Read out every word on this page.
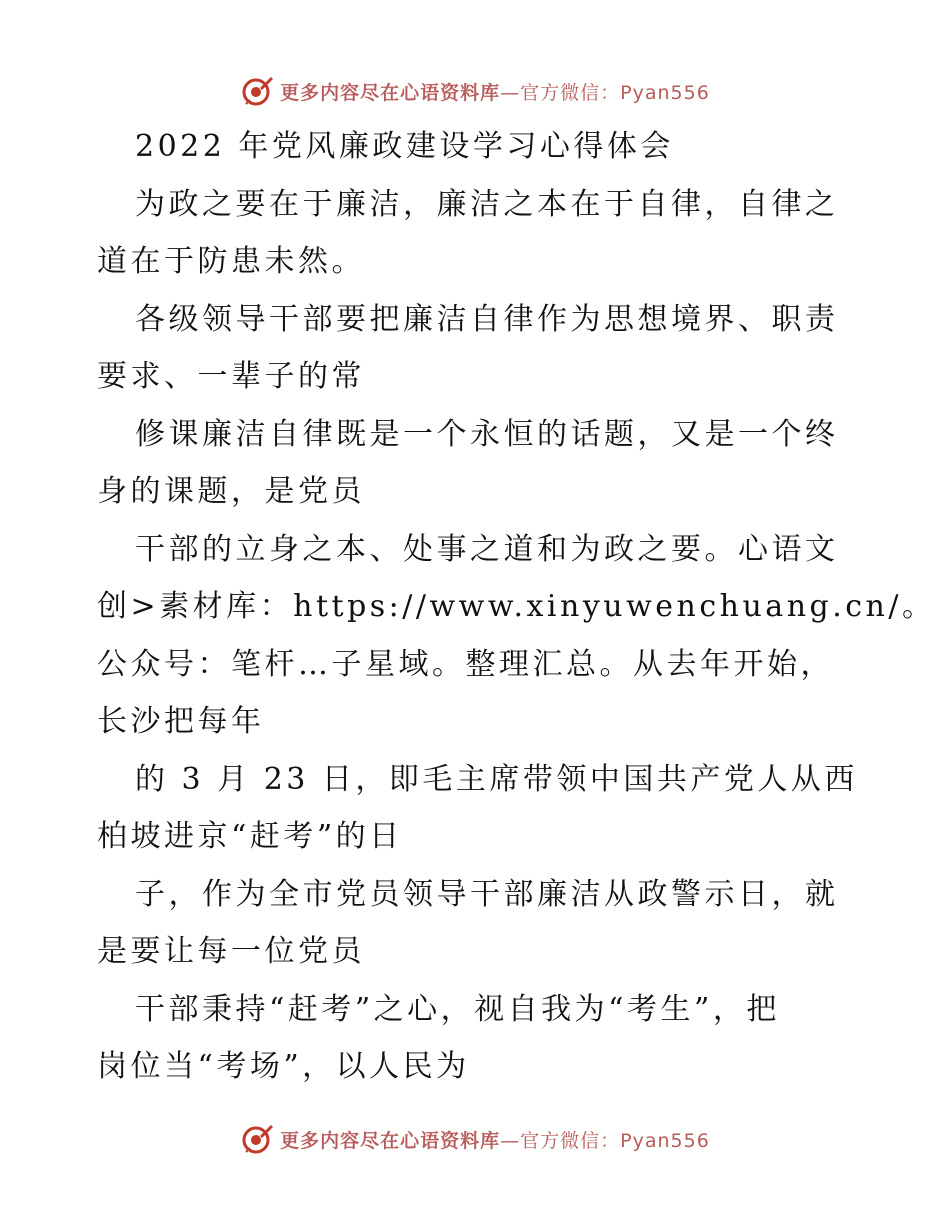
更多内容尽在心语资料库—官方微信：Pyan556
2022 年党风廉政建设学习心得体会
为政之要在于廉洁，廉洁之本在于自律，自律之
道在于防患未然。
各级领导干部要把廉洁自律作为思想境界、职责
要求、一辈子的常
修课廉洁自律既是一个永恒的话题，又是一个终
身的课题，是党员
干部的立身之本、处事之道和为政之要。心语文
创>素材库：https://www.xinyuwenchuang.cn/。
公众号：笔杆…子星域。整理汇总。从去年开始，
长沙把每年
的 3 月 23 日，即毛主席带领中国共产党人从西
柏坡进京“赶考”的日
子，作为全市党员领导干部廉洁从政警示日，就
是要让每一位党员
干部秉持“赶考”之心，视自我为“考生”，把
岗位当“考场”，以人民为
更多内容尽在心语资料库—官方微信：Pyan556
